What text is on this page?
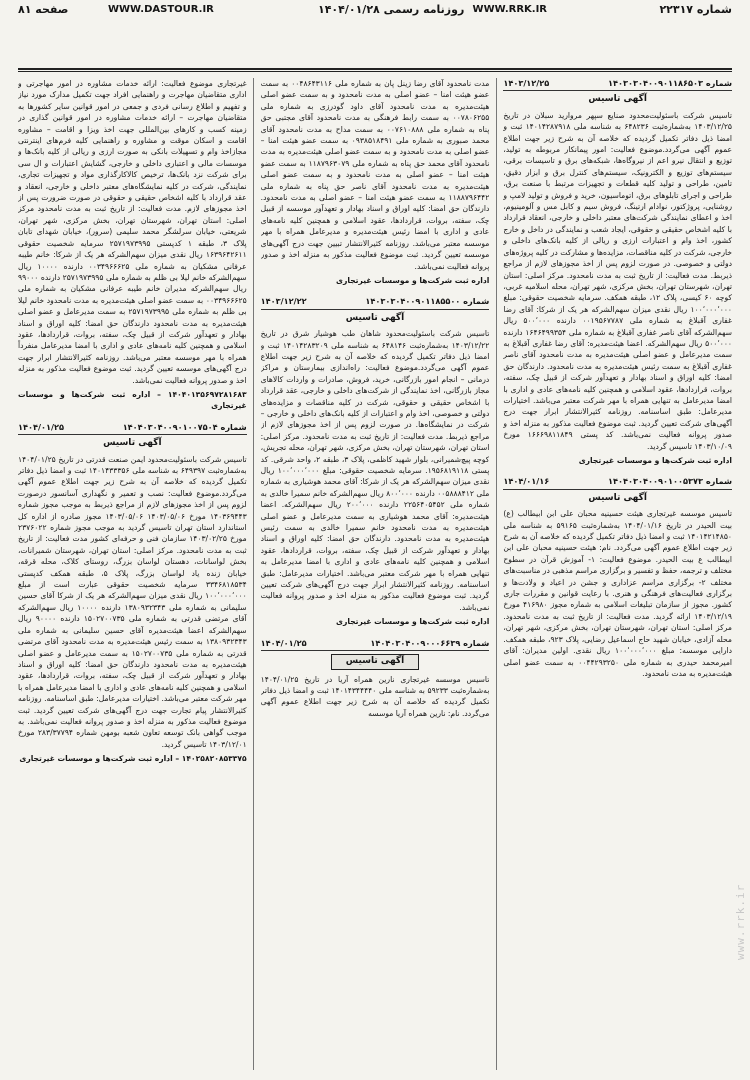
شماره ۲۲۳۱۷
WWW.RRK.IR
روزنامه رسمی ۱۴۰۴/۰۱/۲۸
WWW.DASTOUR.IR
صفحه ۸۱
شماره ۱۴۰۳۰۳۰۴۰۰۹۰۱۱۸۶۵۰۳
۱۴۰۳/۱۲/۲۵
آگهی تاسیس

تاسیس شرکت باسئولیت‌محدود صنایع سپهر مروارید سبلان در تاریخ ۱۴۰۳/۱۲/۲۵ به‌شماره‌ثبت ۶۴۸۲۳۶ به شناسه ملی ۱۴۰۱۴۲۸۷۹۱۸ ثبت و امضا ذیل دفاتر تکمیل گردیده که خلاصه آن به شرح زیر جهت اطلاع عموم آگهی می‌گردد.موضوع فعالیت: امور پیمانکار مربوطه به تولید، توزیع و انتقال نیرو اعم از نیروگاه‌ها، شبکه‌های برق و تاسیسات برقی، سیستم‌های توزیع و الکترونیک، سیستم‌های کنترل برق و ابزار دقیق، تامین، طراحی و تولید کلیه قطعات و تجهیزات مرتبط با صنعت برق، طراحی و اجرای تابلوهای برق، اتوماسیون، خرید و فروش و تولید لامپ و روشنایی، پروژکتور، نوادام ارتینگ، فروش سیم و کابل مس و آلومینیوم، اخذ و اعطای نمایندگی شرکت‌های معتبر داخلی و خارجی، انعقاد قرارداد با کلیه اشخاص حقیقی و حقوقی، ایجاد شعب و نمایندگی در داخل و خارج کشور، اخذ وام و اعتبارات ارزی و ریالی از کلیه بانک‌های داخلی و خارجی، شرکت در کلیه مناقصات، مزایده‌ها و مشارکت در کلیه پروژه‌های دولتی و خصوصی. در صورت لزوم پس از اخذ مجوزهای لازم از مراجع ذیربط. مدت فعالیت: از تاریخ ثبت به مدت نامحدود. مرکز اصلی: استان تهران، شهرستان تهران، بخش مرکزی، شهر تهران، محله اسلامیه غربی، کوچه ۶۰ کیسی، پلاک ۱۲، طبقه همکف. سرمایه شخصیت حقوقی: مبلغ ۱۰۰٬۰۰۰٬۰۰۰ ریال نقدی میزان سهم‌الشرکه هر یک از شرکا: آقای رضا غفاری آقبلاغ به شماره ملی ۰۰۱۹۵۶۷۷۸۷ دارنده ۵۰۰٬۰۰۰ ریال سهم‌الشرکه آقای ناصر غفاری آقبلاغ به شماره ملی ۱۶۴۶۴۹۹۳۵۴ دارنده ۵۰۰٬۰۰۰ ریال سهم‌الشرکه. اعضا هیئت‌مدیره: آقای رضا غفاری آقبلاغ به سمت مدیرعامل و عضو اصلی هیئت‌مدیره به مدت نامحدود آقای ناصر غفاری آقبلاغ به سمت رئیس هیئت‌مدیره به مدت نامحدود. دارندگان حق امضا: کلیه اوراق و اسناد بهادار و تعهدآور شرکت از قبیل چک، سفته، بروات، قراردادها، عقود اسلامی و همچنین کلیه نامه‌های عادی و اداری با امضا مدیرعامل به تنهایی همراه با مهر شرکت معتبر می‌باشد. اختیارات مدیرعامل: طبق اساسنامه. روزنامه کثیرالانتشار ابرار جهت درج آگهی‌های شرکت تعیین گردید. ثبت موضوع فعالیت مذکور به منزله اخذ و صدور پروانه فعالیت نمی‌باشد. کد پستی ۱۶۶۶۹۸۱۱۸۴۹ مورخ ۱۴۰۳/۱۰/۰۹ تاسیس گردید.

اداره ثبت شرکت‌ها و موسسات غیرتجاری
شماره ۱۴۰۴۰۳۰۴۰۰۹۰۱۰۰۵۳۷۳
۱۴۰۴/۰۱/۱۶
آگهی تاسیس

تاسیس موسسه غیرتجاری هیئت حسینیه محبان علی ابن ابیطالب (ع) بیت الحیدر در تاریخ ۱۴۰۴/۰۱/۱۶ به‌شماره‌ثبت ۵۹۱۶۵ به شناسه ملی ۱۴۰۱۴۲۱۴۸۵۰ ثبت و امضا ذیل دفاتر تکمیل گردیده که خلاصه آن به شرح زیر جهت اطلاع عموم آگهی می‌گردد. نام: هیئت حسینیه محبان علی ابن ابیطالب ع بیت الحیدر. موضوع فعالیت: ۱- آموزش قرآن در سطوح مختلف و ترجمه، حفظ و تفسیر و برگزاری مراسم مذهبی در مناسبت‌های مختلف ۲- برگزاری مراسم عزاداری و جشن در اعیاد و ولادت‌ها و برگزاری فعالیت‌های فرهنگی و هنری. با رعایت قوانین و مقررات جاری کشور. مجوز از سازمان تبلیغات اسلامی به شماره مجوز ۴۱۶۹۸۰ مورخ ۱۴۰۳/۱۲/۱۹ ارائه گردید. مدت فعالیت: از تاریخ ثبت به مدت نامحدود. مرکز اصلی: استان تهران، شهرستان تهران، بخش مرکزی، شهر تهران، محله آزادی، خیابان شهید حاج اسماعیل رضایی، پلاک ۹۲۳، طبقه همکف. دارایی موسسه: مبلغ ۱۰۰٬۰۰۰٬۰۰۰ ریال نقدی. اولین مدیران: آقای امیرمحمد حیدری به شماره ملی ۰۰۴۴۲۹۳۲۵۰ به سمت عضو اصلی هیئت‌مدیره به مدت نامحدود.

مدت نامحدود آقای رضا زینل پان به شماره ملی ۰۰۴۸۶۴۳۱۱۶ به سمت عضو هیئت امنا – عضو اصلی به مدت نامحدود و به سمت عضو اصلی هیئت‌مدیره به مدت نامحدود آقای داود گودرزی به شماره ملی ۰۰۷۸۰۶۲۵۵ به سمت رابط فرهنگی به مدت نامحدود آقای مجتبی حق پناه به شماره ملی ۰۰۷۶۱۰۸۸۸ به سمت مداح به مدت نامحدود آقای محمد صبوری به شماره ملی ۰۹۳۸۵۱۸۴۹۱ به سمت عضو هیئت امنا – عضو اصلی به مدت نامحدود و به سمت عضو اصلی هیئت‌مدیره به مدت نامحدود آقای محمد حق پناه به شماره ملی ۱۱۸۷۹۶۳۰۷۹ به سمت عضو هیئت امنا – عضو اصلی به مدت نامحدود و به سمت عضو اصلی هیئت‌مدیره به مدت نامحدود آقای ناصر حق پناه به شماره ملی ۱۱۸۸۷۹۶۴۴۲ به سمت عضو هیئت امنا – عضو اصلی به مدت نامحدود. دارندگان حق امضا: کلیه اوراق و اسناد بهادار و تعهدآور موسسه از قبیل چک، سفته، بروات، قراردادها، عقود اسلامی و همچنین کلیه نامه‌های عادی و اداری با امضا رئیس هیئت‌مدیره و مدیرعامل همراه با مهر موسسه معتبر می‌باشد. روزنامه کثیرالانتشار تبیین جهت درج آگهی‌های موسسه تعیین گردید. ثبت موضوع فعالیت مذکور به منزله اخذ و صدور پروانه فعالیت نمی‌باشد.

اداره ثبت شرکت‌ها و موسسات غیرتجاری
شماره ۱۴۰۳۰۳۰۴۰۰۹۰۱۱۸۵۵۰۰
۱۴۰۳/۱۲/۲۲
آگهی تاسیس

تاسیس شرکت باسئولیت‌محدود شاهان طب هوشیار شرق در تاریخ ۱۴۰۳/۱۲/۲۲ به‌شماره‌ثبت ۶۴۸۱۴۶ به شناسه ملی ۱۴۰۱۴۲۸۳۲۰۹ ثبت و امضا ذیل دفاتر تکمیل گردیده که خلاصه آن به شرح زیر جهت اطلاع عموم آگهی می‌گردد.موضوع فعالیت: راه‌اندازی بیمارستان و مراکز درمانی – انجام امور بازرگانی، خرید، فروش، صادرات و واردات کالاهای مجاز بازرگانی، اخذ نمایندگی از شرکت‌های داخلی و خارجی، عقد قرارداد با اشخاص حقیقی و حقوقی، شرکت در کلیه مناقصات و مزایده‌های دولتی و خصوصی، اخذ وام و اعتبارات از کلیه بانک‌های داخلی و خارجی – شرکت در نمایشگاه‌ها. در صورت لزوم پس از اخذ مجوزهای لازم از مراجع ذیربط. مدت فعالیت: از تاریخ ثبت به مدت نامحدود. مرکز اصلی: استان تهران، شهرستان تهران، بخش مرکزی، شهر تهران، محله تجریش، کوچه پیچ‌شمیرانی، بلوار شهید کاظمی، پلاک ۳، طبقه ۲، واحد شرقی. کد پستی ۱۹۵۶۸۱۹۱۱۸. سرمایه شخصیت حقوقی: مبلغ ۱۰۰٬۰۰۰٬۰۰۰ ریال نقدی میزان سهم‌الشرکه هر یک از شرکا: آقای محمد هوشیاری به شماره ملی ۰۰۵۸۸۸۴۱۲ دارنده ۸۰۰٬۰۰۰ ریال سهم‌الشرکه خانم سمیرا خالدی به شماره ملی ۲۲۵۶۴۰۵۴۵۲ دارنده ۲۰۰٬۰۰۰ ریال سهم‌الشرکه. اعضا هیئت‌مدیره: آقای محمد هوشیاری به سمت مدیرعامل و عضو اصلی هیئت‌مدیره به مدت نامحدود خانم سمیرا خالدی به سمت رئیس هیئت‌مدیره به مدت نامحدود. دارندگان حق امضا: کلیه اوراق و اسناد بهادار و تعهدآور شرکت از قبیل چک، سفته، بروات، قراردادها، عقود اسلامی و همچنین کلیه نامه‌های عادی و اداری با امضا مدیرعامل به تنهایی همراه با مهر شرکت معتبر می‌باشد. اختیارات مدیرعامل: طبق اساسنامه. روزنامه کثیرالانتشار ابرار جهت درج آگهی‌های شرکت تعیین گردید. ثبت موضوع فعالیت مذکور به منزله اخذ و صدور پروانه فعالیت نمی‌باشد.

اداره ثبت شرکت‌ها و موسسات غیرتجاری
شماره ۱۴۰۴۰۳۰۴۰۰۹۰۰۰۶۶۳۹
۱۴۰۴/۰۱/۲۵
آگهی تاسیس

تاسیس موسسه غیرتجاری نارین همراه آریا در تاریخ ۱۴۰۴/۰۱/۲۵ به‌شماره‌ثبت ۵۹۲۳۳ به شناسه ملی ۱۴۰۱۴۳۴۴۴۴۰ ثبت و امضا ذیل دفاتر تکمیل گردیده که خلاصه آن به شرح زیر جهت اطلاع عموم آگهی می‌گردد. نام: نارین همراه آریا موسسه

غیرتجاری موضوع فعالیت: ارائه خدمات مشاوره در امور مهاجرتی و اداری متقاضیان مهاجرت و راهنمایی افراد جهت تکمیل مدارک مورد نیاز و تفهیم و اطلاع رسانی فردی و جمعی در امور قوانین سایر کشورها به متقاضیان مهاجرت – ارائه خدمات مشاوره در امور قوانین گذاری در زمینه کسب و کارهای بین‌المللی جهت اخذ ویزا و اقامت – مشاوره اقامت و اسکان موقت و مشاوره و راهنمایی کلیه فرم‌های اینترنتی مجازاخذ وام و تسهیلات بانکی به صورت ارزی و ریالی از کلیه بانک‌ها و موسسات مالی و اعتباری داخلی و خارجی، گشایش اعتبارات و ال سی برای شرکت نزد بانک‌ها، ترخیص کالاکارگذاری مواد و تجهیزات تجاری، نمایندگی، شرکت در کلیه نمایشگاه‌های معتبر داخلی و خارجی، انعقاد و عقد قرارداد با کلیه اشخاص حقیقی و حقوقی در صورت ضرورت پس از اخذ مجوزهای لازم. مدت فعالیت: از تاریخ ثبت به مدت نامحدود مرکز اصلی: استان تهران، شهرستان تهران، بخش مرکزی، شهر تهران، شریعتی، خیابان سرلشگر محمد سلیمی (سرور)، خیابان شهدای تابان پلاک ۳، طبقه ۱ کدپستی ۲۵۷۱۹۷۳۹۹۵ سرمایه شخصیت حقوقی ۱۶۳۹۶۴۲۶۱۱ ریال نقدی میزان سهم‌الشرکه هر یک از شرکا: خانم طیبه عرفانی مشکیان به شماره ملی ۰۰۳۴۹۶۶۶۲۵ دارنده ۱۰۰۰۰ ریال سهم‌الشرکه خانم لیلا بی ظلم به شماره ملی ۲۵۷۱۹۷۳۹۹۵ دارنده ۹۹۰۰۰ ریال سهم‌الشرکه مدیران خانم طیبه عرفانی مشکیان به شماره ملی ۰۰۳۴۹۶۶۶۲۵ به سمت عضو اصلی هیئت‌مدیره به مدت نامحدود خانم لیلا بی ظلم به شماره ملی ۲۵۷۱۹۷۳۹۹۵ به سمت مدیرعامل و عضو اصلی هیئت‌مدیره به مدت نامحدود دارندگان حق امضا: کلیه اوراق و اسناد بهادار و تعهدآور شرکت از قبیل چک، سفته، بروات، قراردادها، عقود اسلامی و همچنین کلیه نامه‌های عادی و اداری با امضا مدیرعامل منفرداً همراه با مهر موسسه معتبر می‌باشد. روزنامه کثیرالانتشار ابرار جهت درج آگهی‌های موسسه تعیین گردید. ثبت موضوع فعالیت مذکور به منزله اخذ و صدور پروانه فعالیت نمی‌باشد.

۱۴۰۴۰۱۳۵۶۹۷۲۸۱۶۸۳ – اداره ثبت شرکت‌ها و موسسات غیرتجاری
شماره ۱۴۰۴۰۳۰۴۰۰۹۰۱۰۰۷۵۰۴
۱۴۰۴/۰۱/۲۵
آگهی تاسیس

تاسیس شرکت باسئولیت‌محدود ایمن صنعت قدرتی در تاریخ ۱۴۰۴/۰۱/۲۵ به‌شماره‌ثبت ۶۴۹۳۹۷ به شناسه ملی ۱۴۰۱۴۳۳۳۵۶ ثبت و امضا ذیل دفاتر تکمیل گردیده که خلاصه آن به شرح زیر جهت اطلاع عموم آگهی می‌گردد.موضوع فعالیت: نصب و تعمیر و نگهداری آسانسور درصورت لزوم پس از اخذ مجوزهای لازم از مراجع ذیربط به موجب مجوز شماره ۱۴۰۳۶۹۴۴۳ مورخ ۱۴۰۳/۰۵/۰۶ ۱۴۰۳/۰۵/۰۶ مجوز صادره از اداره کل استاندارد استان تهران تاسیس گردید به موجب مجوز شماره ۲۳۷۶۰۲۲ مورخ ۱۴۰۳/۰۲/۲۵ سازمان فنی و حرفه‌ای کشور مدت فعالیت: از تاریخ ثبت به مدت نامحدود. مرکز اصلی: استان تهران، شهرستان شمیرانات، بخش لواسانات، دهستان لواسان بزرگ، روستای کلاک، محله قرقه، خیابان زنده یاد لواسان بزرگ، پلاک ۵، طبقه همکف کدپستی ۳۳۴۶۸۱۸۵۳۴ سرمایه شخصیت حقوقی عبارت است از مبلغ ۱۰۰٬۰۰۰٬۰۰۰ ریال نقدی میزان سهم‌الشرکه هر یک از شرکا آقای حسین سلیمانی به شماره ملی ۱۳۸۰۹۳۲۳۴۳ دارنده ۱۰۰۰۰ ریال سهم‌الشرکه آقای مرتضی قدرتی به شماره ملی ۱۵۰۲۷۰۰۷۳۵ دارنده ۹۰۰۰۰ ریال سهم‌الشرکه اعضا هیئت‌مدیره آقای حسین سلیمانی به شماره ملی ۱۳۸۰۹۳۲۳۴۳ به سمت رئیس هیئت‌مدیره به مدت نامحدود آقای مرتضی قدرتی به شماره ملی ۱۵۰۲۷۰۰۷۳۵ به سمت مدیرعامل و عضو اصلی هیئت‌مدیره به مدت نامحدود دارندگان حق امضا: کلیه اوراق و اسناد بهادار و تعهدآور شرکت از قبیل چک، سفته، بروات، قراردادها، عقود اسلامی و همچنین کلیه نامه‌های عادی و اداری با امضا مدیرعامل همراه با مهر شرکت معتبر می‌باشد. اختیارات مدیرعامل: طبق اساسنامه. روزنامه کثیرالانتشار پیام تجارت جهت درج آگهی‌های شرکت تعیین گردید. ثبت موضوع فعالیت مذکور به منزله اخذ و صدور پروانه فعالیت نمی‌باشد. به موجب گواهی بانک توسعه تعاون شعبه بومهن شماره ۲۸۳/۳۷۷۹۴ مورخ ۱۴۰۳/۱۲/۰۱ تاسیس گردید.

۱۴۰۲۵۸۲۰۸۵۳۳۷۵ – اداره ثبت شرکت‌ها و موسسات غیرتجاری
www.rrk.ir
